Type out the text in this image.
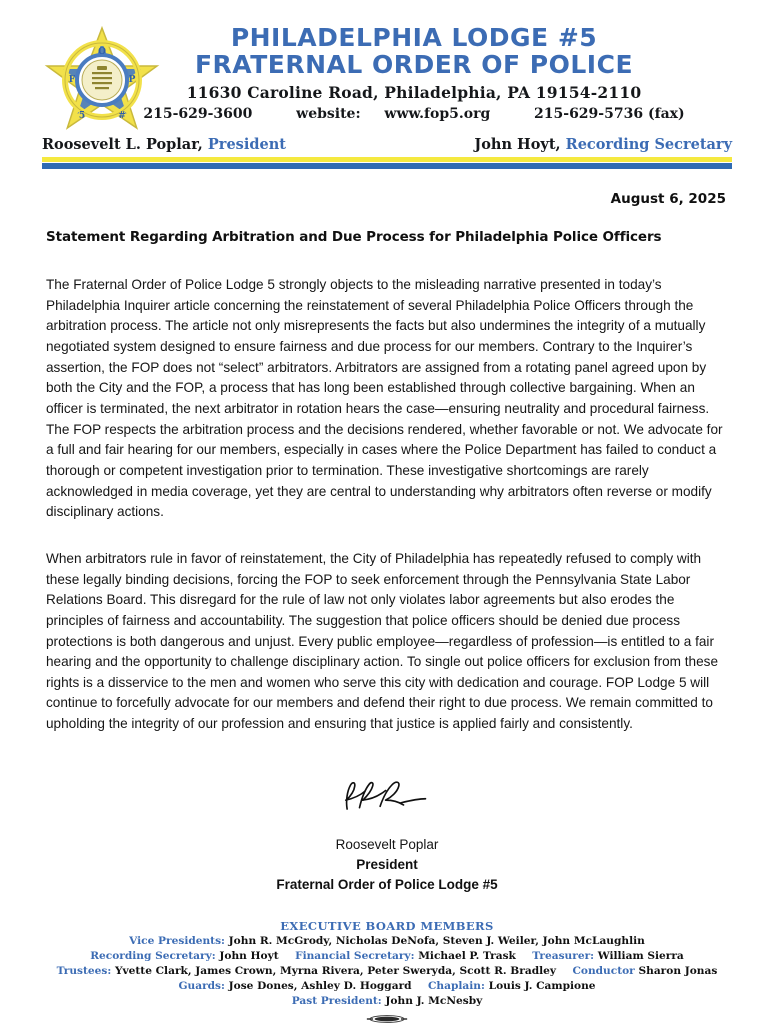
O
F	P
5	#
PHILADELPHIA LODGE #5
FRATERNAL ORDER OF POLICE
11630 Caroline Road, Philadelphia, PA 19154-2110
215-629-3600	website: www.fop5.org	215-629-5736 (fax)
Roosevelt L. Poplar, President	John Hoyt, Recording Secretary
August 6, 2025
Statement Regarding Arbitration and Due Process for Philadelphia Police Officers

The Fraternal Order of Police Lodge 5 strongly objects to the misleading narrative presented in today’s Philadelphia Inquirer article concerning the reinstatement of several Philadelphia Police Officers through the arbitration process. The article not only misrepresents the facts but also undermines the integrity of a mutually negotiated system designed to ensure fairness and due process for our members. Contrary to the Inquirer’s assertion, the FOP does not “select” arbitrators. Arbitrators are assigned from a rotating panel agreed upon by both the City and the FOP, a process that has long been established through collective bargaining. When an officer is terminated, the next arbitrator in rotation hears the case—ensuring neutrality and procedural fairness. The FOP respects the arbitration process and the decisions rendered, whether favorable or not. We advocate for a full and fair hearing for our members, especially in cases where the Police Department has failed to conduct a thorough or competent investigation prior to termination. These investigative shortcomings are rarely acknowledged in media coverage, yet they are central to understanding why arbitrators often reverse or modify disciplinary actions.

When arbitrators rule in favor of reinstatement, the City of Philadelphia has repeatedly refused to comply with these legally binding decisions, forcing the FOP to seek enforcement through the Pennsylvania State Labor Relations Board. This disregard for the rule of law not only violates labor agreements but also erodes the principles of fairness and accountability. The suggestion that police officers should be denied due process protections is both dangerous and unjust. Every public employee—regardless of profession—is entitled to a fair hearing and the opportunity to challenge disciplinary action. To single out police officers for exclusion from these rights is a disservice to the men and women who serve this city with dedication and courage. FOP Lodge 5 will continue to forcefully advocate for our members and defend their right to due process. We remain committed to upholding the integrity of our profession and ensuring that justice is applied fairly and consistently.

Roosevelt Poplar
President
Fraternal Order of Police Lodge #5
EXECUTIVE BOARD MEMBERS
Vice Presidents: John R. McGrody, Nicholas DeNofa, Steven J. Weiler, John McLaughlin
Recording Secretary: John Hoyt Financial Secretary: Michael P. Trask Treasurer: William Sierra
Trustees: Yvette Clark, James Crown, Myrna Rivera, Peter Sweryda, Scott R. Bradley Conductor Sharon Jonas
Guards: Jose Dones, Ashley D. Hoggard Chaplain: Louis J. Campione
Past President: John J. McNesby
